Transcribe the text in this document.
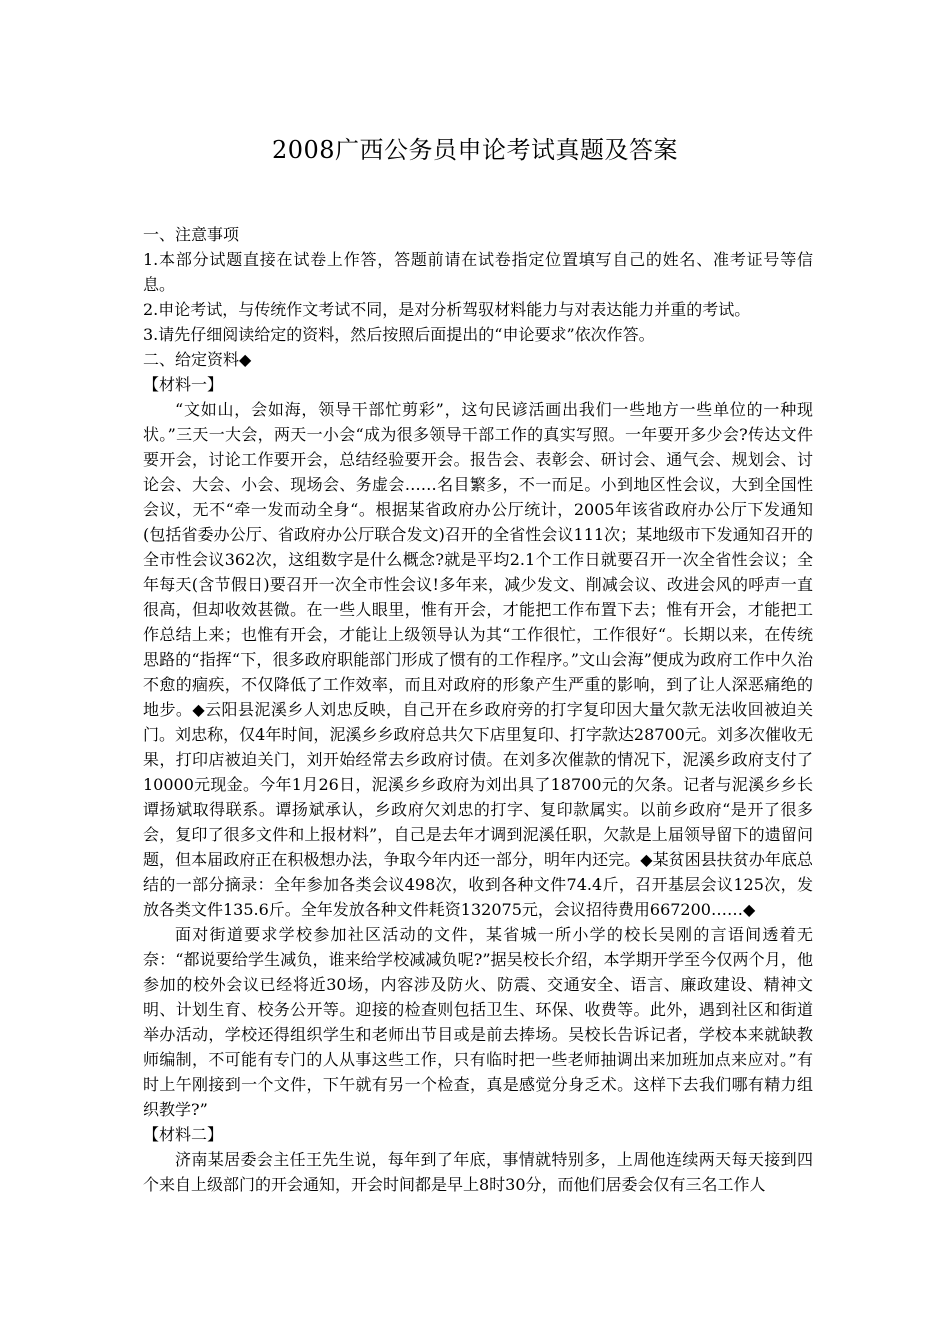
2008广西公务员申论考试真题及答案

一、注意事项

1.本部分试题直接在试卷上作答，答题前请在试卷指定位置填写自己的姓名、准考证号等信息。

2.申论考试，与传统作文考试不同，是对分析驾驭材料能力与对表达能力并重的考试。

3.请先仔细阅读给定的资料，然后按照后面提出的“申论要求”依次作答。

二、给定资料◆

【材料一】

“文如山，会如海，领导干部忙剪彩”，这句民谚活画出我们一些地方一些单位的一种现状。”三天一大会，两天一小会“成为很多领导干部工作的真实写照。一年要开多少会?传达文件要开会，讨论工作要开会，总结经验要开会。报告会、表彰会、研讨会、通气会、规划会、讨论会、大会、小会、现场会、务虚会……名目繁多，不一而足。小到地区性会议，大到全国性会议，无不“牵一发而动全身“。根据某省政府办公厅统计，2005年该省政府办公厅下发通知(包括省委办公厅、省政府办公厅联合发文)召开的全省性会议111次；某地级市下发通知召开的全市性会议362次，这组数字是什么概念?就是平均2.1个工作日就要召开一次全省性会议；全年每天(含节假日)要召开一次全市性会议!多年来，减少发文、削减会议、改进会风的呼声一直很高，但却收效甚微。在一些人眼里，惟有开会，才能把工作布置下去；惟有开会，才能把工作总结上来；也惟有开会，才能让上级领导认为其“工作很忙，工作很好“。长期以来，在传统思路的“指挥“下，很多政府职能部门形成了惯有的工作程序。”文山会海”便成为政府工作中久治不愈的痼疾，不仅降低了工作效率，而且对政府的形象产生严重的影响，到了让人深恶痛绝的地步。◆云阳县泥溪乡人刘忠反映，自己开在乡政府旁的打字复印因大量欠款无法收回被迫关门。刘忠称，仅4年时间，泥溪乡乡政府总共欠下店里复印、打字款达28700元。刘多次催收无果，打印店被迫关门，刘开始经常去乡政府讨债。在刘多次催款的情况下，泥溪乡政府支付了10000元现金。今年1月26日，泥溪乡乡政府为刘出具了18700元的欠条。记者与泥溪乡乡长谭扬斌取得联系。谭扬斌承认，乡政府欠刘忠的打字、复印款属实。以前乡政府“是开了很多会，复印了很多文件和上报材料”，自己是去年才调到泥溪任职，欠款是上届领导留下的遗留问题，但本届政府正在积极想办法，争取今年内还一部分，明年内还完。◆某贫困县扶贫办年底总结的一部分摘录：全年参加各类会议498次，收到各种文件74.4斤，召开基层会议125次，发放各类文件135.6斤。全年发放各种文件耗资132075元，会议招待费用667200……◆

面对街道要求学校参加社区活动的文件，某省城一所小学的校长吴刚的言语间透着无奈：“都说要给学生减负，谁来给学校减减负呢?”据吴校长介绍，本学期开学至今仅两个月，他参加的校外会议已经将近30场，内容涉及防火、防震、交通安全、语言、廉政建设、精神文明、计划生育、校务公开等。迎接的检查则包括卫生、环保、收费等。此外，遇到社区和街道举办活动，学校还得组织学生和老师出节目或是前去捧场。吴校长告诉记者，学校本来就缺教师编制，不可能有专门的人从事这些工作，只有临时把一些老师抽调出来加班加点来应对。”有时上午刚接到一个文件，下午就有另一个检查，真是感觉分身乏术。这样下去我们哪有精力组织教学?”

【材料二】

济南某居委会主任王先生说，每年到了年底，事情就特别多，上周他连续两天每天接到四个来自上级部门的开会通知，开会时间都是早上8时30分，而他们居委会仅有三名工作人
